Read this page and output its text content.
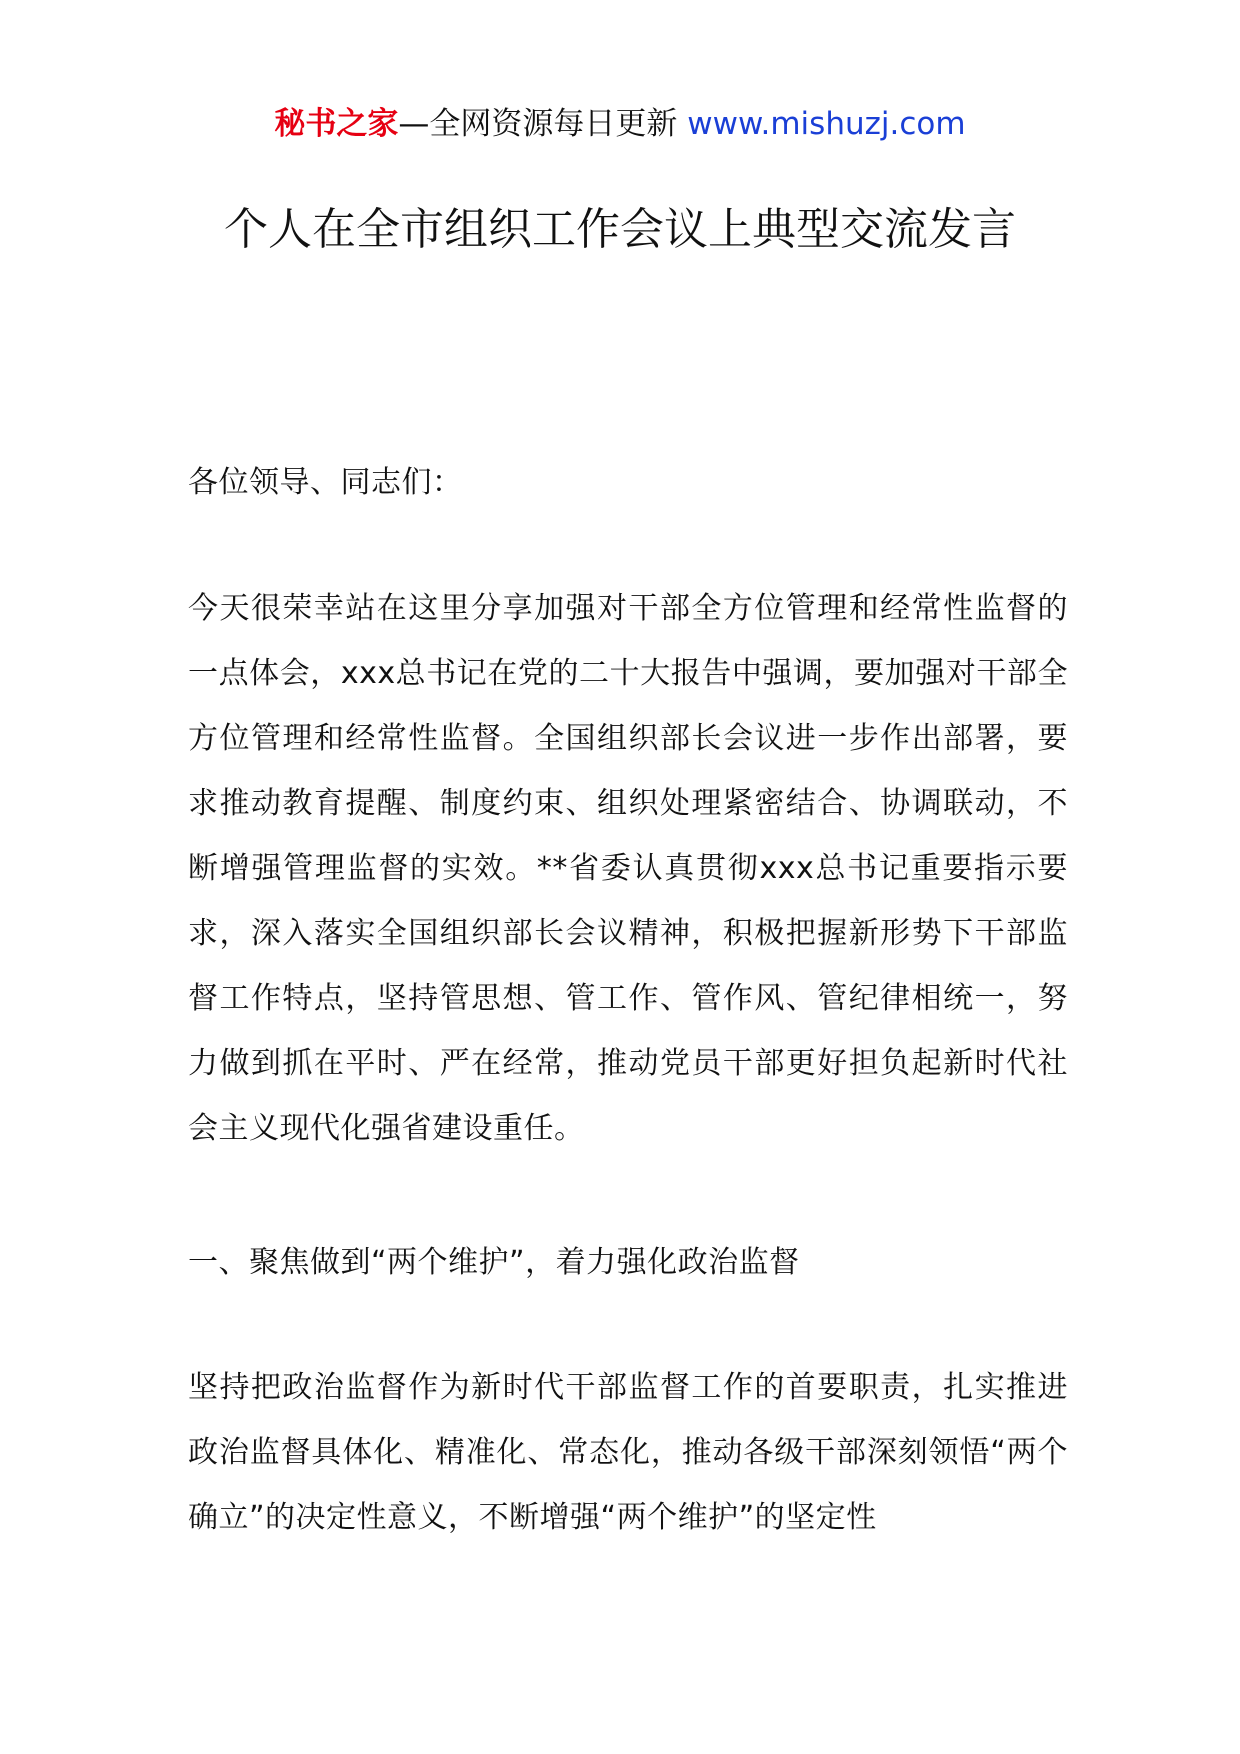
秘书之家—全网资源每日更新 www.mishuzj.com
个人在全市组织工作会议上典型交流发言

各位领导、同志们：

今天很荣幸站在这里分享加强对干部全方位管理和经常性监督的一点体会，xxx总书记在党的二十大报告中强调，要加强对干部全方位管理和经常性监督。全国组织部长会议进一步作出部署，要求推动教育提醒、制度约束、组织处理紧密结合、协调联动，不断增强管理监督的实效。**省委认真贯彻xxx总书记重要指示要求，深入落实全国组织部长会议精神，积极把握新形势下干部监督工作特点，坚持管思想、管工作、管作风、管纪律相统一，努力做到抓在平时、严在经常，推动党员干部更好担负起新时代社会主义现代化强省建设重任。

一、聚焦做到“两个维护”，着力强化政治监督

坚持把政治监督作为新时代干部监督工作的首要职责，扎实推进政治监督具体化、精准化、常态化，推动各级干部深刻领悟“两个确立”的决定性意义，不断增强“两个维护”的坚定性
